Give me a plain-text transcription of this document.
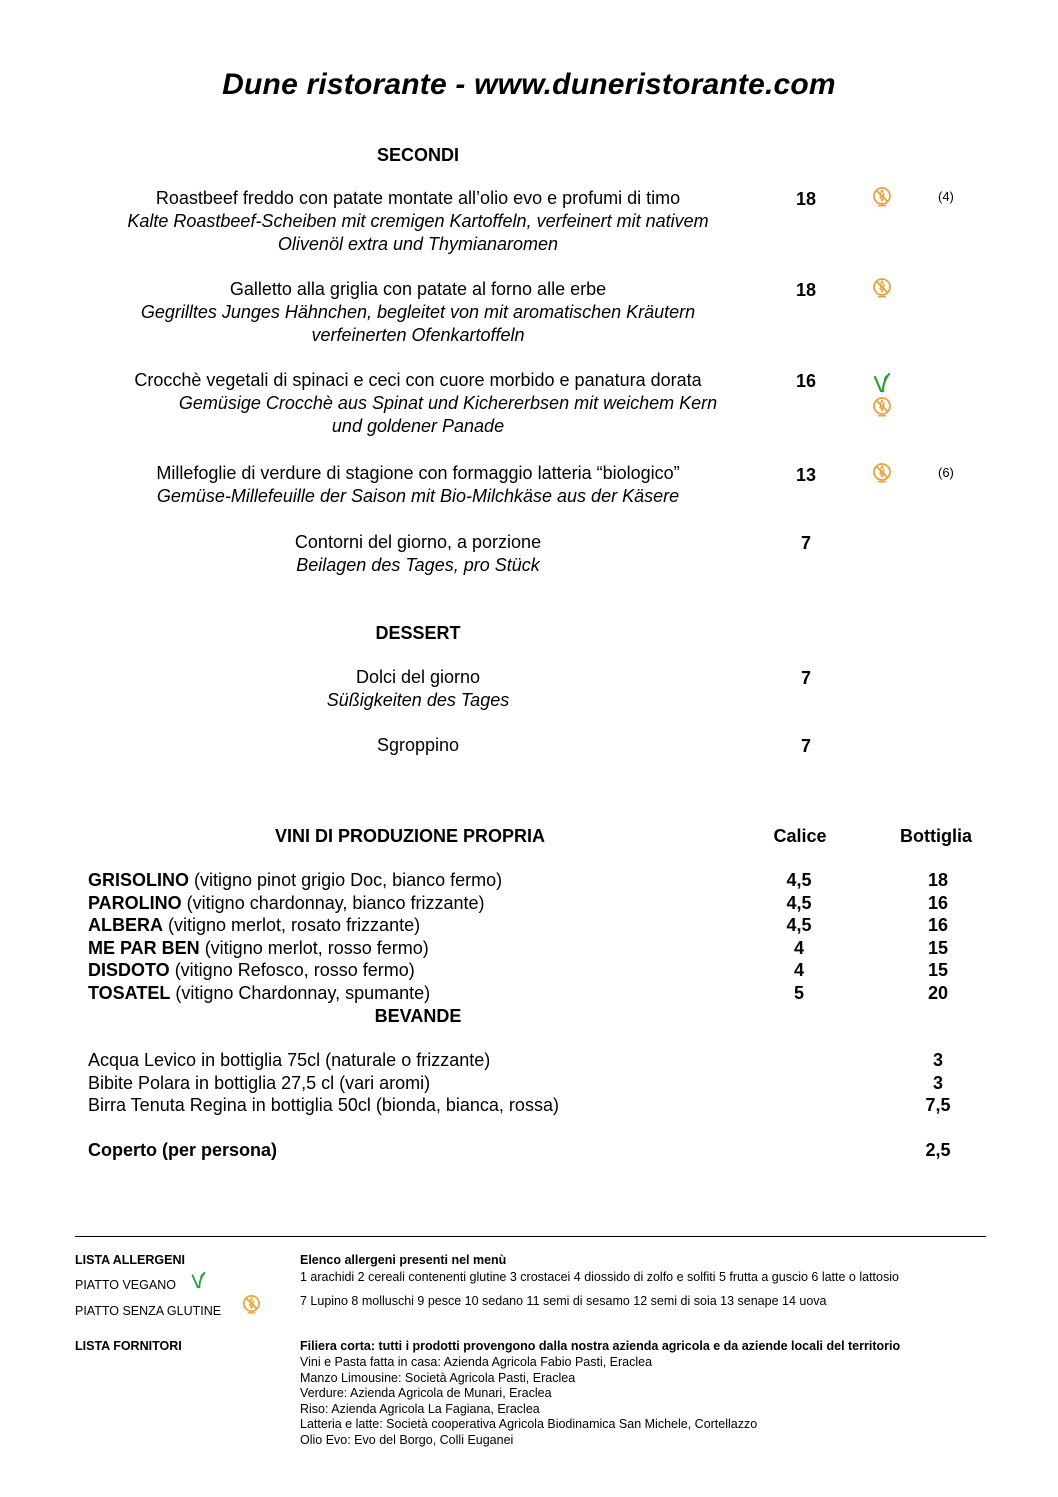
Dune ristorante - www.duneristorante.com
SECONDI
Roastbeef freddo con patate montate all’olio evo e profumi di timo
Kalte Roastbeef-Scheiben mit cremigen Kartoffeln, verfeinert mit nativem
Olivenöl extra und Thymianaromen
18	(4)
Galletto alla griglia con patate al forno alle erbe
Gegrilltes Junges Hähnchen, begleitet von mit aromatischen Kräutern
verfeinerten Ofenkartoffeln
18
Crocchè vegetali di spinaci e ceci con cuore morbido e panatura dorata
Gemüsige Crocchè aus Spinat und Kichererbsen mit weichem Kern
und goldener Panade
16
Millefoglie di verdure di stagione con formaggio latteria “biologico”
Gemüse-Millefeuille der Saison mit Bio-Milchkäse aus der Käsere
13	(6)
Contorni del giorno, a porzione
Beilagen des Tages, pro Stück
7
DESSERT
Dolci del giorno
Süßigkeiten des Tages
7
Sgroppino	7
VINI DI PRODUZIONE PROPRIA	Calice	Bottiglia
GRISOLINO (vitigno pinot grigio Doc, bianco fermo)	4,5	18
PAROLINO (vitigno chardonnay, bianco frizzante)	4,5	16
ALBERA (vitigno merlot, rosato frizzante)	4,5	16
ME PAR BEN (vitigno merlot, rosso fermo)	4	15
DISDOTO (vitigno Refosco, rosso fermo)	4	15
TOSATEL (vitigno Chardonnay, spumante)	5	20
BEVANDE
Acqua Levico in bottiglia 75cl (naturale o frizzante)	3
Bibite Polara in bottiglia 27,5 cl (vari aromi)	3
Birra Tenuta Regina in bottiglia 50cl (bionda, bianca, rossa)	7,5
Coperto (per persona)	2,5
LISTA ALLERGENI
PIATTO VEGANO
PIATTO SENZA GLUTINE
Elenco allergeni presenti nel menù
1 arachidi 2 cereali contenenti glutine 3 crostacei 4 diossido di zolfo e solfiti 5 frutta a guscio 6 latte o lattosio
7 Lupino 8 molluschi 9 pesce 10 sedano 11 semi di sesamo 12 semi di soia 13 senape 14 uova
LISTA FORNITORI	Filiera corta: tutti i prodotti provengono dalla nostra azienda agricola e da aziende locali del territorio
Vini e Pasta fatta in casa: Azienda Agricola Fabio Pasti, Eraclea
Manzo Limousine: Società Agricola Pasti, Eraclea
Verdure: Azienda Agricola de Munari, Eraclea
Riso: Azienda Agricola La Fagiana, Eraclea
Latteria e latte: Società cooperativa Agricola Biodinamica San Michele, Cortellazzo
Olio Evo: Evo del Borgo, Colli Euganei
